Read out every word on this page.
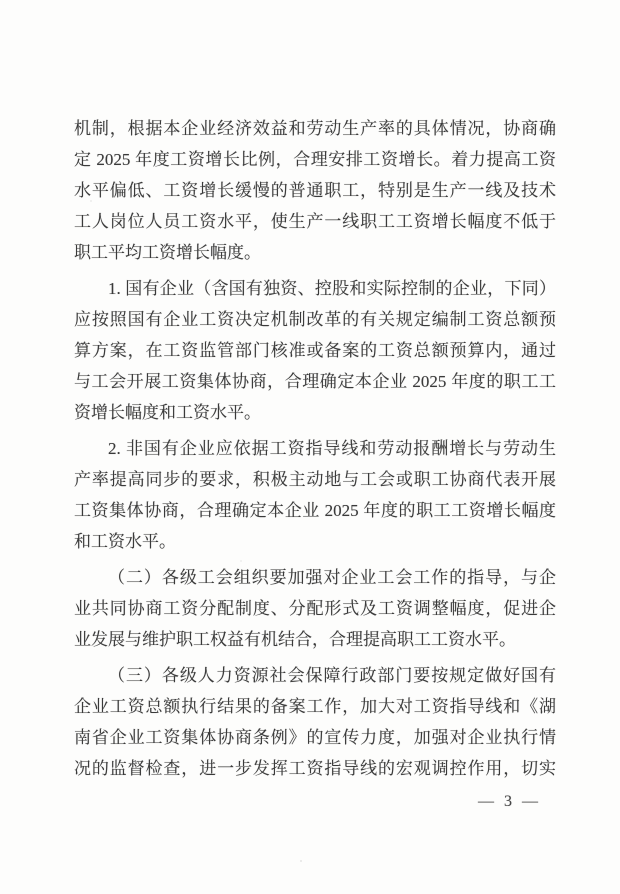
机制，根据本企业经济效益和劳动生产率的具体情况，协商确
定 2025 年度工资增长比例，合理安排工资增长。着力提高工资
水平偏低、工资增长缓慢的普通职工，特别是生产一线及技术
工人岗位人员工资水平，使生产一线职工工资增长幅度不低于
职工平均工资增长幅度。
1. 国有企业（含国有独资、控股和实际控制的企业，下同）
应按照国有企业工资决定机制改革的有关规定编制工资总额预
算方案，在工资监管部门核准或备案的工资总额预算内，通过
与工会开展工资集体协商，合理确定本企业 2025 年度的职工工
资增长幅度和工资水平。
2. 非国有企业应依据工资指导线和劳动报酬增长与劳动生
产率提高同步的要求，积极主动地与工会或职工协商代表开展
工资集体协商，合理确定本企业 2025 年度的职工工资增长幅度
和工资水平。
（二）各级工会组织要加强对企业工会工作的指导，与企
业共同协商工资分配制度、分配形式及工资调整幅度，促进企
业发展与维护职工权益有机结合，合理提高职工工资水平。
（三）各级人力资源社会保障行政部门要按规定做好国有
企业工资总额执行结果的备案工作，加大对工资指导线和《湖
南省企业工资集体协商条例》的宣传力度，加强对企业执行情
况的监督检查，进一步发挥工资指导线的宏观调控作用，切实
— 3 —
